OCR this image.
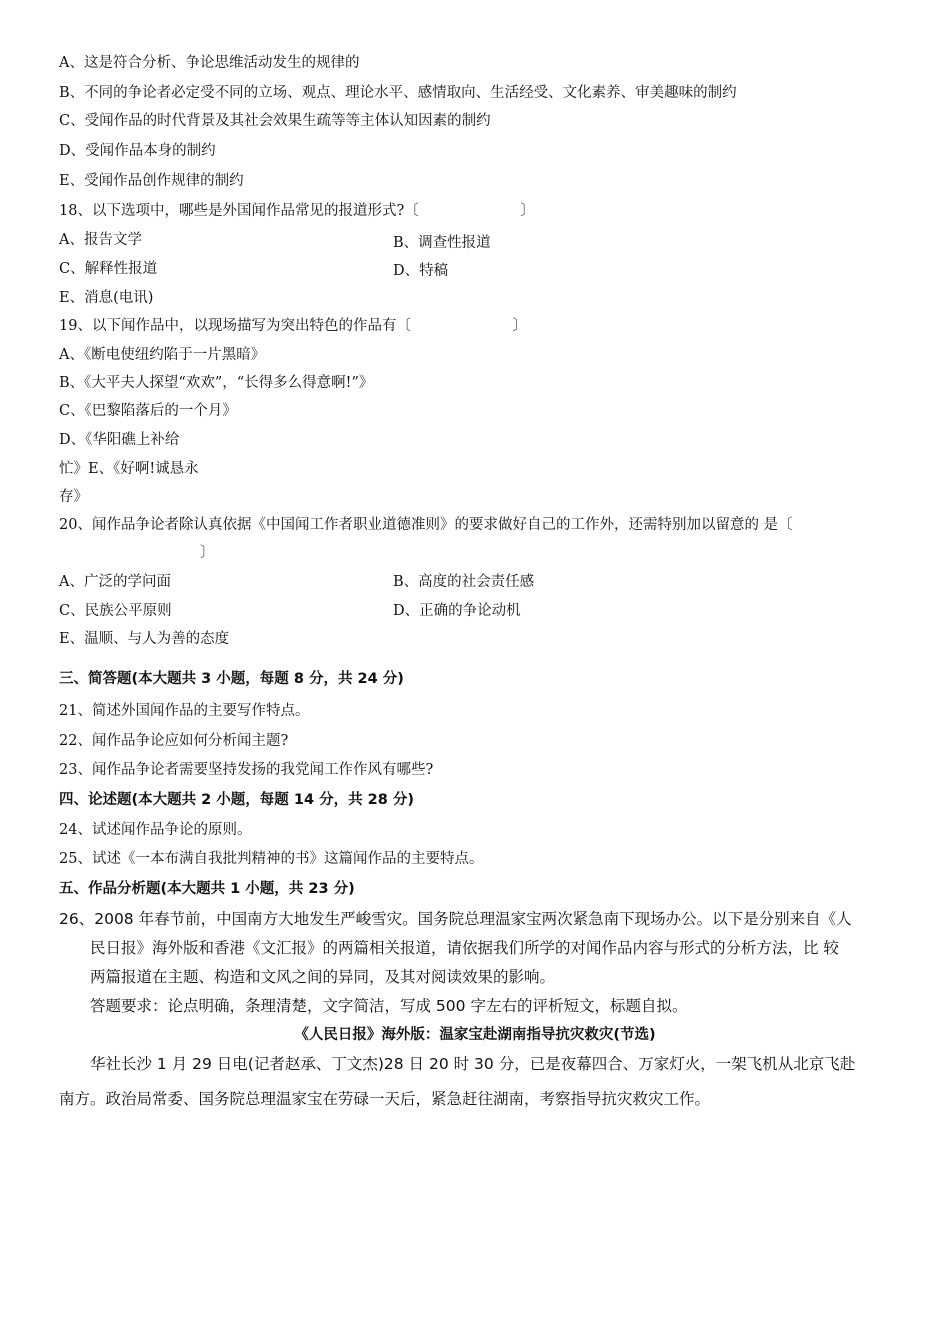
A、这是符合分析、争论思维活动发生的规律的
B、不同的争论者必定受不同的立场、观点、理论水平、感情取向、生活经受、文化素养、审美趣味的制约
C、受闻作品的时代背景及其社会效果生疏等等主体认知因素的制约
D、受闻作品本身的制约
E、受闻作品创作规律的制约
18、以下选项中，哪些是外国闻作品常见的报道形式?〔　　　　　　　〕
A、报告文学	B、调查性报道
C、解释性报道	D、特稿
E、消息(电讯)
19、以下闻作品中，以现场描写为突出特色的作品有〔　　　　　　　〕
A、《断电使纽约陷于一片黑暗》
B、《大平夫人探望“欢欢”，“长得多么得意啊!”》
C、《巴黎陷落后的一个月》
D、《华阳礁上补给
忙》E、《好啊!诚恳永
存》
20、闻作品争论者除认真依据《中国闻工作者职业道德准则》的要求做好自己的工作外，还需特别加以留意的 是〔
〕
A、广泛的学问面	B、高度的社会责任感
C、民族公平原则	D、正确的争论动机
E、温顺、与人为善的态度
三、简答题(本大题共 3 小题，每题 8 分，共 24 分)
21、简述外国闻作品的主要写作特点。
22、闻作品争论应如何分析闻主题?
23、闻作品争论者需要坚持发扬的我党闻工作作风有哪些?
四、论述题(本大题共 2 小题，每题 14 分，共 28 分)
24、试述闻作品争论的原则。
25、试述《一本布满自我批判精神的书》这篇闻作品的主要特点。
五、作品分析题(本大题共 1 小题，共 23 分)
26、2008 年春节前，中国南方大地发生严峻雪灾。国务院总理温家宝两次紧急南下现场办公。以下是分别来自《人
民日报》海外版和香港《文汇报》的两篇相关报道，请依据我们所学的对闻作品内容与形式的分析方法，比 较
两篇报道在主题、构造和文风之间的异同，及其对阅读效果的影响。
答题要求：论点明确，条理清楚，文字简洁，写成 500 字左右的评析短文，标题自拟。
《人民日报》海外版：温家宝赴湖南指导抗灾救灾(节选)
华社长沙 1 月 29 日电(记者赵承、丁文杰)28 日 20 时 30 分，已是夜幕四合、万家灯火，一架飞机从北京飞赴
南方。政治局常委、国务院总理温家宝在劳碌一天后，紧急赶往湖南，考察指导抗灾救灾工作。
